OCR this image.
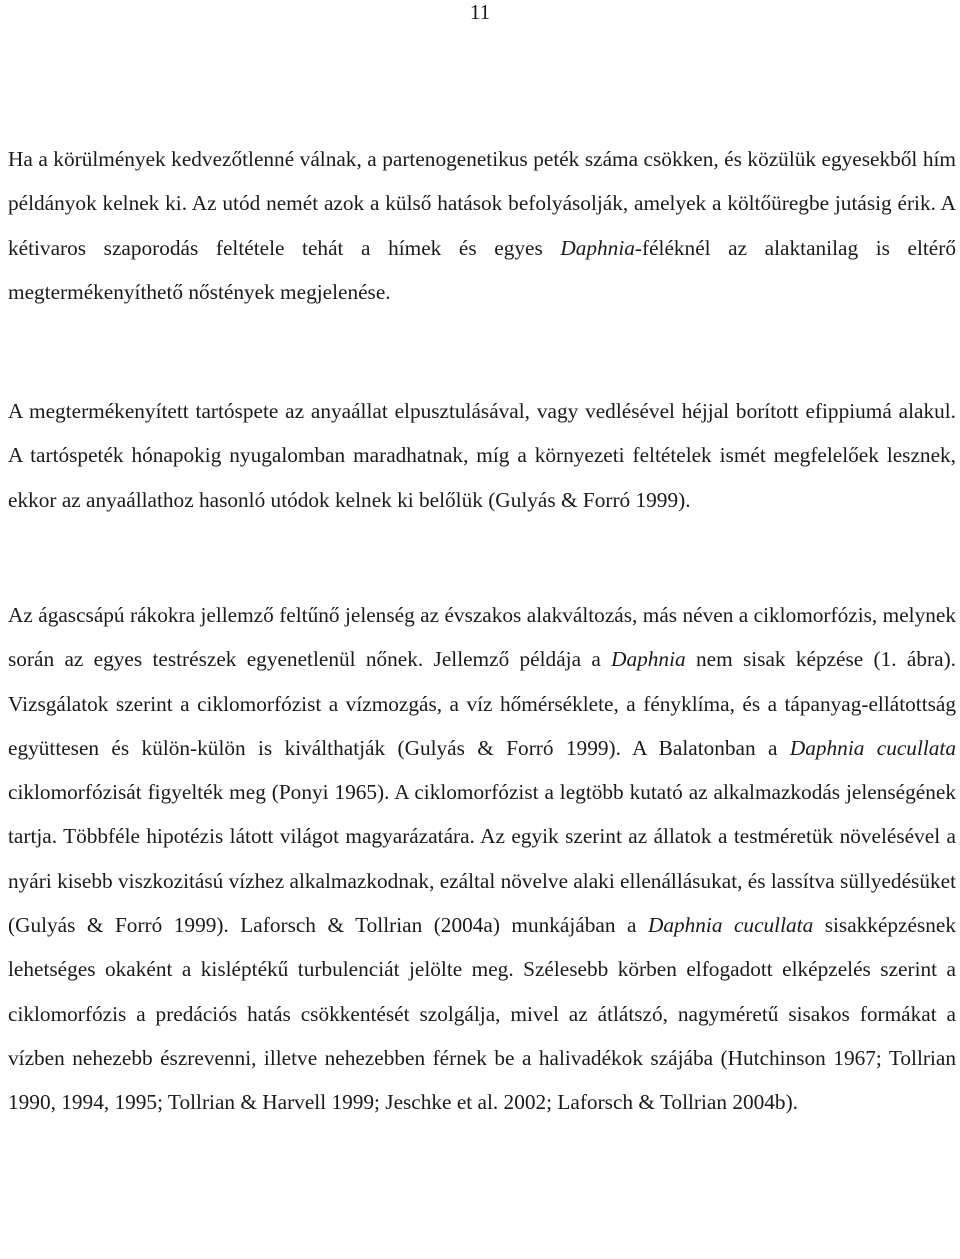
11

Ha a körülmények kedvezőtlenné válnak, a partenogenetikus peték száma csökken, és közülük egyesekből hím példányok kelnek ki. Az utód nemét azok a külső hatások befolyásolják, amelyek a költőüregbe jutásig érik. A kétivaros szaporodás feltétele tehát a hímek és egyes Daphnia-féléknél az alaktanilag is eltérő megtermékenyíthető nőstények megjelenése.

A megtermékenyített tartóspete az anyaállat elpusztulásával, vagy vedlésével héjjal borított efippiumá alakul. A tartóspeték hónapokig nyugalomban maradhatnak, míg a környezeti feltételek ismét megfelelőek lesznek, ekkor az anyaállathoz hasonló utódok kelnek ki belőlük (Gulyás & Forró 1999).

Az ágascsápú rákokra jellemző feltűnő jelenség az évszakos alakváltozás, más néven a ciklomorfózis, melynek során az egyes testrészek egyenetlenül nőnek. Jellemző példája a Daphnia nem sisak képzése (1. ábra). Vizsgálatok szerint a ciklomorfózist a vízmozgás, a víz hőmérséklete, a fényklíma, és a tápanyag-ellátottság együttesen és külön-külön is kiválthatják (Gulyás & Forró 1999). A Balatonban a Daphnia cucullata ciklomorfózisát figyelték meg (Ponyi 1965). A ciklomorfózist a legtöbb kutató az alkalmazkodás jelenségének tartja. Többféle hipotézis látott világot magyarázatára. Az egyik szerint az állatok a testméretük növelésével a nyári kisebb viszkozitású vízhez alkalmazkodnak, ezáltal növelve alaki ellenállásukat, és lassítva süllyedésüket (Gulyás & Forró 1999). Laforsch & Tollrian (2004a) munkájában a Daphnia cucullata sisakképzésnek lehetséges okaként a kisléptékű turbulenciát jelölte meg. Szélesebb körben elfogadott elképzelés szerint a ciklomorfózis a predációs hatás csökkentését szolgálja, mivel az átlátszó, nagyméretű sisakos formákat a vízben nehezebb észrevenni, illetve nehezebben férnek be a halivadékok szájába (Hutchinson 1967; Tollrian 1990, 1994, 1995; Tollrian & Harvell 1999; Jeschke et al. 2002; Laforsch & Tollrian 2004b).
